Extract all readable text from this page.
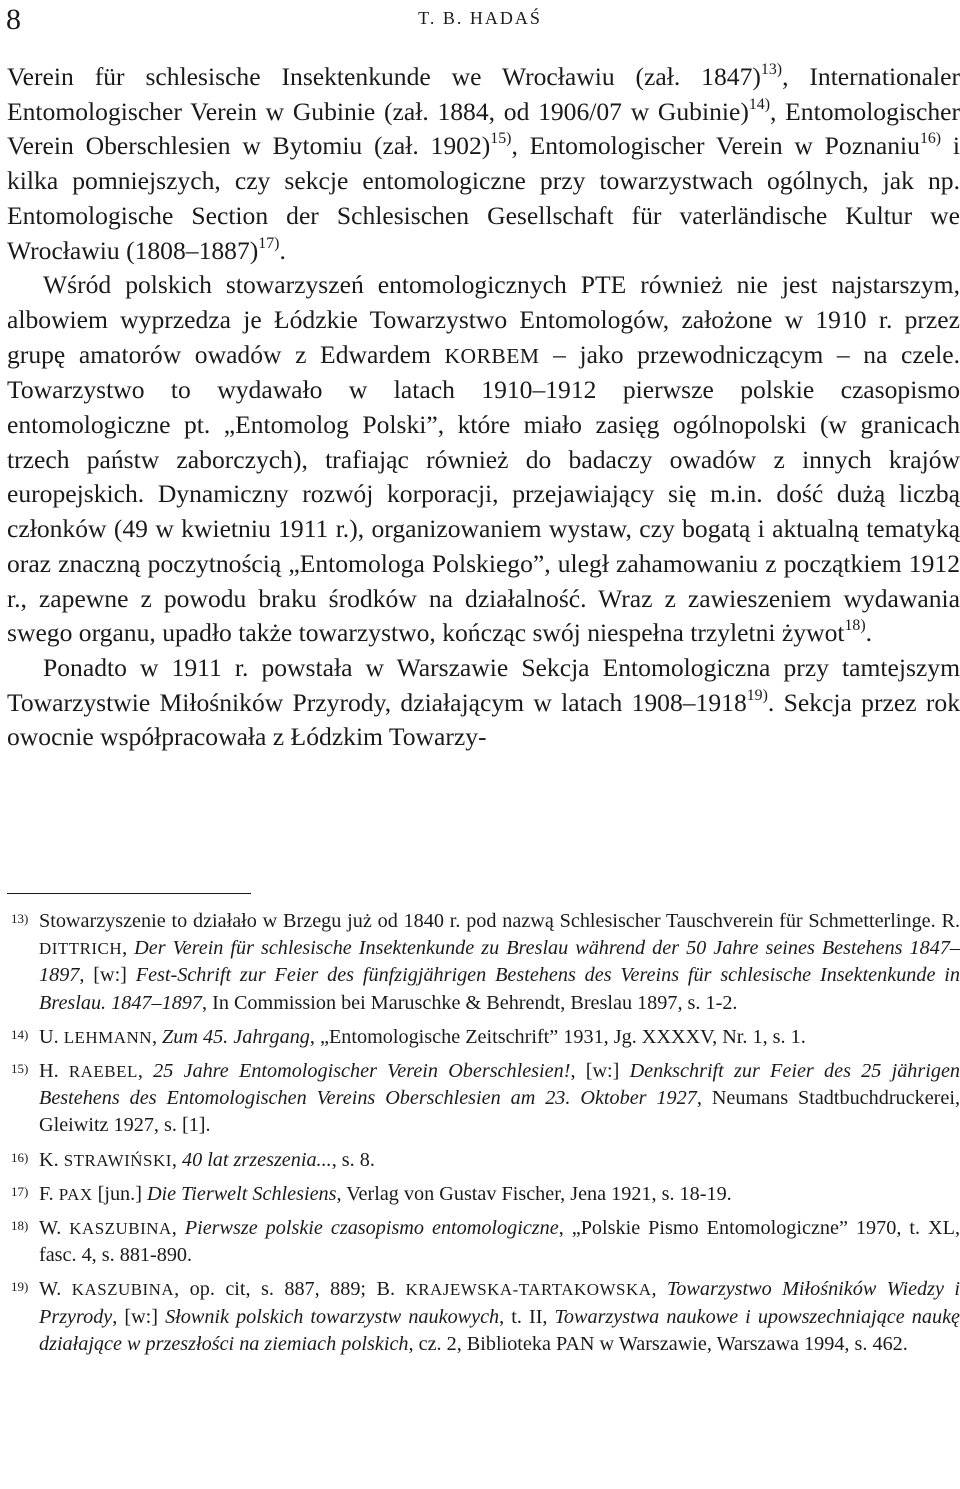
8	T. B. HADAŚ

Verein für schlesische Insektenkunde we Wrocławiu (zał. 1847)$^{13)}$, Internationaler Entomologischer Verein w Gubinie (zał. 1884, od 1906/07 w Gubinie)$^{14)}$, Entomologischer Verein Oberschlesien w Bytomiu (zał. 1902)$^{15)}$, Entomologischer Verein w Poznaniu$^{16)}$ i kilka pomniejszych, czy sekcje entomologiczne przy towarzystwach ogólnych, jak np. Entomologische Section der Schlesischen Gesellschaft für vaterländische Kultur we Wrocławiu (1808–1887)$^{17)}$.

Wśród polskich stowarzyszeń entomologicznych PTE również nie jest najstarszym, albowiem wyprzedza je Łódzkie Towarzystwo Entomologów, założone w 1910 r. przez grupę amatorów owadów z Edwardem KORBEM – jako przewodniczącym – na czele. Towarzystwo to wydawało w latach 1910–1912 pierwsze polskie czasopismo entomologiczne pt. „Entomolog Polski”, które miało zasięg ogólnopolski (w granicach trzech państw zaborczych), trafiając również do badaczy owadów z innych krajów europejskich. Dynamiczny rozwój korporacji, przejawiający się m.in. dość dużą liczbą członków (49 w kwietniu 1911 r.), organizowaniem wystaw, czy bogatą i aktualną tematyką oraz znaczną poczytnością „Entomologa Polskiego”, uległ zahamowaniu z początkiem 1912 r., zapewne z powodu braku środków na działalność. Wraz z zawieszeniem wydawania swego organu, upadło także towarzystwo, kończąc swój niespełna trzyletni żywot$^{18)}$.

Ponadto w 1911 r. powstała w Warszawie Sekcja Entomologiczna przy tamtejszym Towarzystwie Miłośników Przyrody, działającym w latach 1908–1918$^{19)}$. Sekcja przez rok owocnie współpracowała z Łódzkim Towarzy-

13) Stowarzyszenie to działało w Brzegu już od 1840 r. pod nazwą Schlesischer Tauschverein für Schmetterlinge. R. DITTRICH, Der Verein für schlesische Insektenkunde zu Breslau während der 50 Jahre seines Bestehens 1847–1897, [w:] Fest-Schrift zur Feier des fünfzigjährigen Bestehens des Vereins für schlesische Insektenkunde in Breslau. 1847–1897, In Commission bei Maruschke & Behrendt, Breslau 1897, s. 1-2.
14) U. LEHMANN, Zum 45. Jahrgang, „Entomologische Zeitschrift” 1931, Jg. XXXXV, Nr. 1, s. 1.
15) H. RAEBEL, 25 Jahre Entomologischer Verein Oberschlesien!, [w:] Denkschrift zur Feier des 25 jährigen Bestehens des Entomologischen Vereins Oberschlesien am 23. Oktober 1927, Neumans Stadtbuchdruckerei, Gleiwitz 1927, s. [1].
16) K. STRAWIŃSKI, 40 lat zrzeszenia..., s. 8.
17) F. PAX [jun.] Die Tierwelt Schlesiens, Verlag von Gustav Fischer, Jena 1921, s. 18-19.
18) W. KASZUBINA, Pierwsze polskie czasopismo entomologiczne, „Polskie Pismo Entomologiczne” 1970, t. XL, fasc. 4, s. 881-890.
19) W. KASZUBINA, op. cit, s. 887, 889; B. KRAJEWSKA-TARTAKOWSKA, Towarzystwo Miłośników Wiedzy i Przyrody, [w:] Słownik polskich towarzystw naukowych, t. II, Towarzystwa naukowe i upowszechniające naukę działające w przeszłości na ziemiach polskich, cz. 2, Biblioteka PAN w Warszawie, Warszawa 1994, s. 462.
